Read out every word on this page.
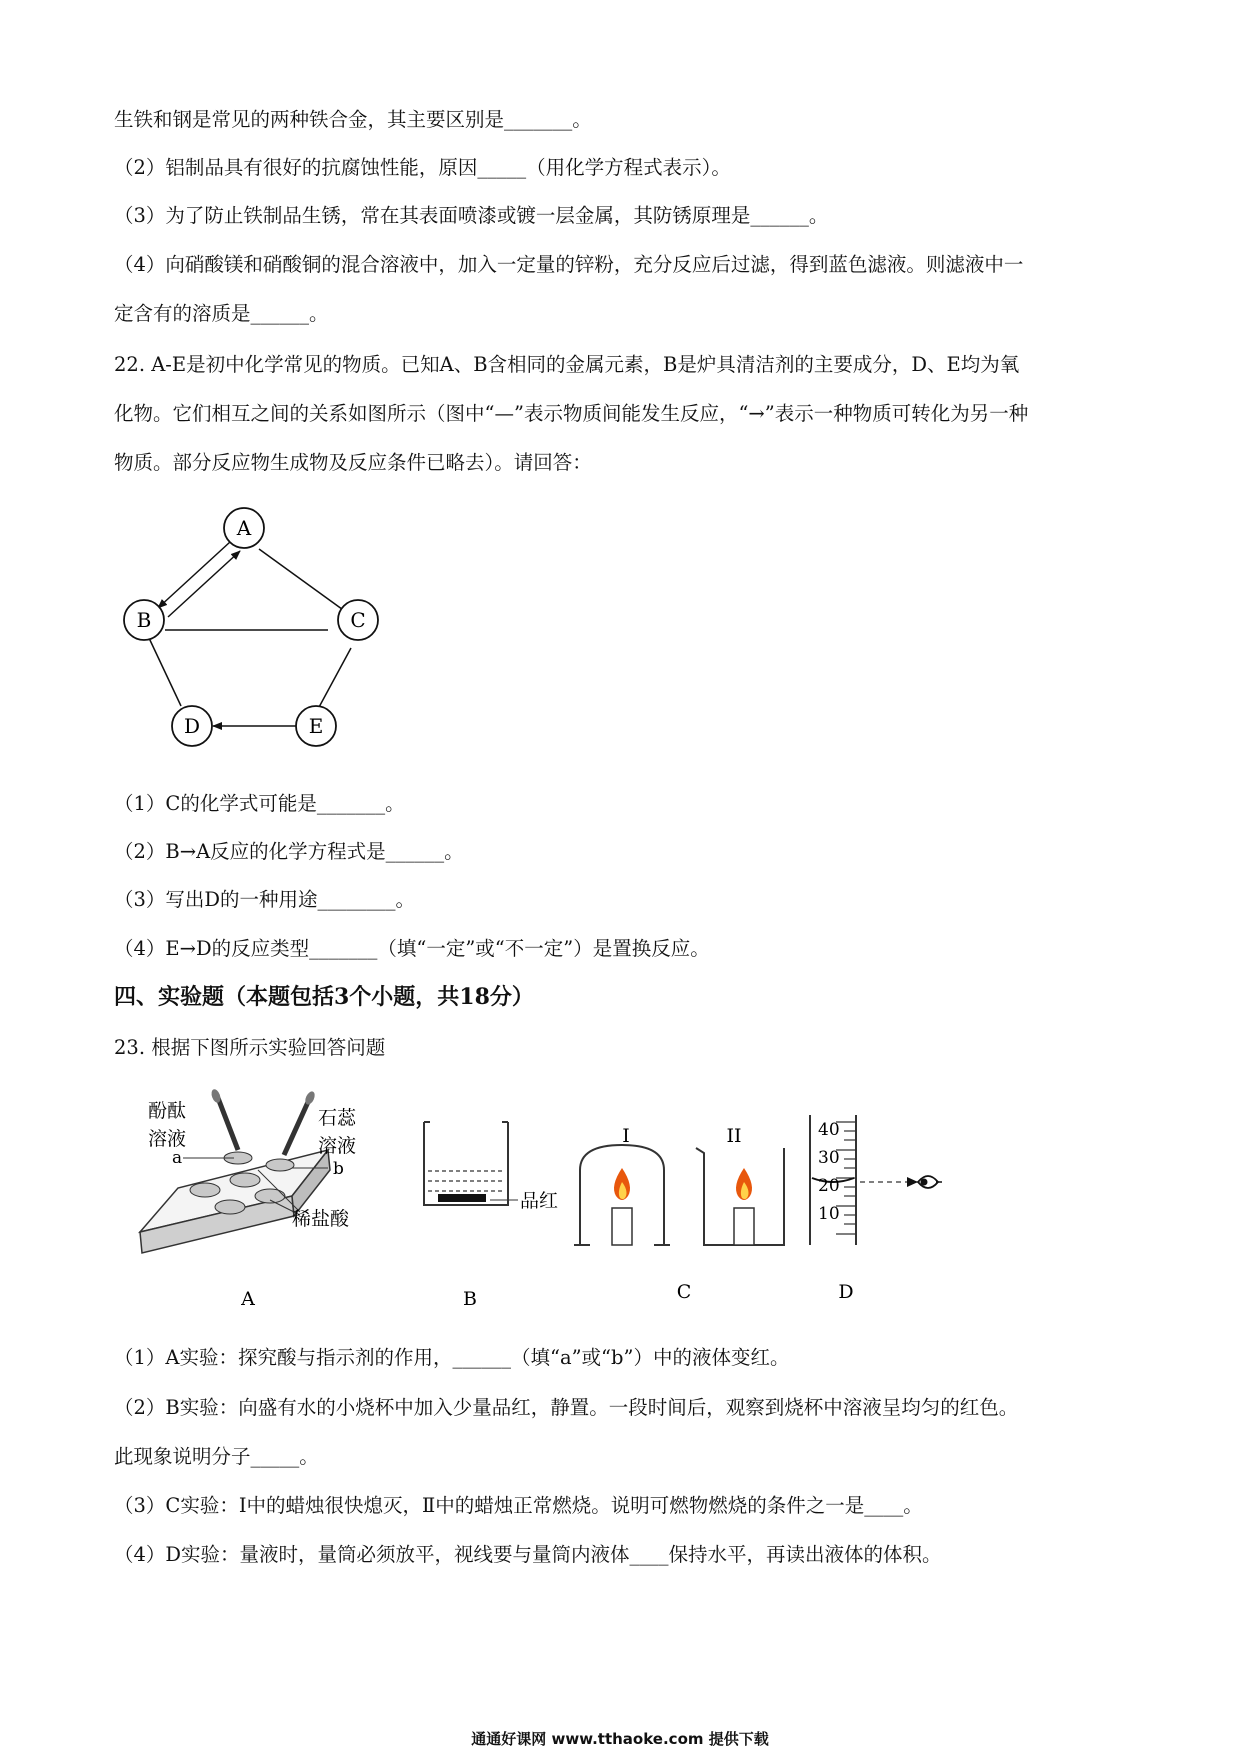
生铁和钢是常见的两种铁合金，其主要区别是_______。
（2）铝制品具有很好的抗腐蚀性能，原因_____（用化学方程式表示）。
（3）为了防止铁制品生锈，常在其表面喷漆或镀一层金属，其防锈原理是______。
（4）向硝酸镁和硝酸铜的混合溶液中，加入一定量的锌粉，充分反应后过滤，得到蓝色滤液。则滤液中一
定含有的溶质是______。
22. A-E是初中化学常见的物质。已知A、B含相同的金属元素，B是炉具清洁剂的主要成分，D、E均为氧
化物。它们相互之间的关系如图所示（图中“—”表示物质间能发生反应，“→”表示一种物质可转化为另一种
物质。部分反应物生成物及反应条件已略去）。请回答：
A
B	C
D	E
（1）C的化学式可能是_______。
（2）B→A反应的化学方程式是______。
（3）写出D的一种用途________。
（4）E→D的反应类型_______（填“一定”或“不一定”）是置换反应。
四、实验题（本题包括3个小题，共18分）
23. 根据下图所示实验回答问题
酚酞
溶液
石蕊
溶液
a
b
稀盐酸
A
品红
B
I	II
C
40
30
20
10
D
（1）A实验：探究酸与指示剂的作用，______（填“a”或“b”）中的液体变红。
（2）B实验：向盛有水的小烧杯中加入少量品红，静置。一段时间后，观察到烧杯中溶液呈均匀的红色。
此现象说明分子_____。
（3）C实验：Ⅰ中的蜡烛很快熄灭，Ⅱ中的蜡烛正常燃烧。说明可燃物燃烧的条件之一是____。
（4）D实验：量液时，量筒必须放平，视线要与量筒内液体____保持水平，再读出液体的体积。
通通好课网 www.tthaoke.com 提供下载
